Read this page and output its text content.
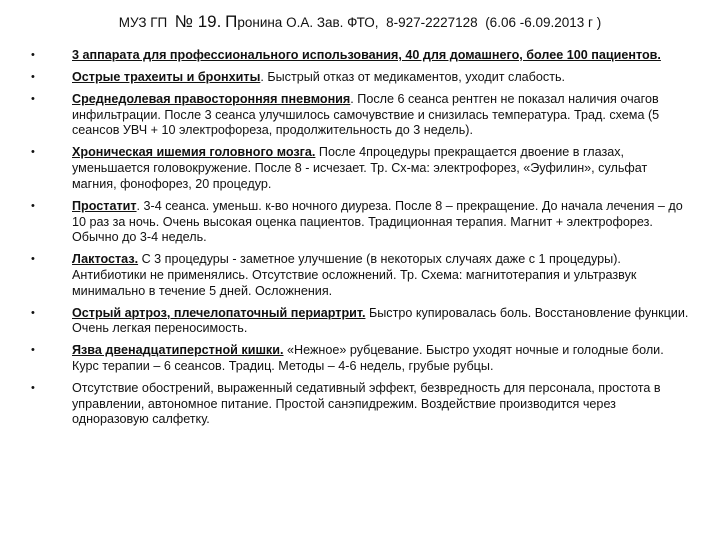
МУЗ ГП № 19. Пронина О.А. Зав. ФТО, 8-927-2227128 (6.06 -6.09.2013 г )
•	3 аппарата для профессионального использования, 40 для домашнего, более 100 пациентов.
•	Острые трахеиты и бронхиты. Быстрый отказ от медикаментов, уходит слабость.
•	Среднедолевая правосторонняя пневмония. После 6 сеанса рентген не показал наличия очагов инфильтрации. После 3 сеанса улучшилось самочувствие и снизилась температура. Трад. схема (5 сеансов УВЧ + 10 электрофореза, продолжительность до 3 недель).
•	Хроническая ишемия головного мозга. После 4процедуры прекращается двоение в глазах, уменьшается головокружение. После 8 - исчезает. Тр. Сх-ма: электрофорез, «Эуфилин», сульфат магния, фонофорез, 20 процедур.
•	Простатит. 3-4 сеанса. уменьш. к-во ночного диуреза. После 8 – прекращение. До начала лечения – до 10 раз за ночь. Очень высокая оценка пациентов. Традиционная терапия. Магнит + электрофорез. Обычно до 3-4 недель.
•	Лактостаз. С 3 процедуры - заметное улучшение (в некоторых случаях даже с 1 процедуры). Антибиотики не применялись. Отсутствие осложнений. Тр. Схема: магнитотерапия и ультразвук минимально в течение 5 дней. Осложнения.
•	Острый артроз, плечелопаточный периартрит. Быстро купировалась боль. Восстановление функции. Очень легкая переносимость.
•	Язва двенадцатиперстной кишки. «Нежное» рубцевание. Быстро уходят ночные и голодные боли. Курс терапии – 6 сеансов. Традиц. Методы – 4-6 недель, грубые рубцы.
•	Отсутствие обострений, выраженный седативный эффект, безвредность для персонала, простота в управлении, автономное питание. Простой санэпидрежим. Воздействие производится через одноразовую салфетку.
